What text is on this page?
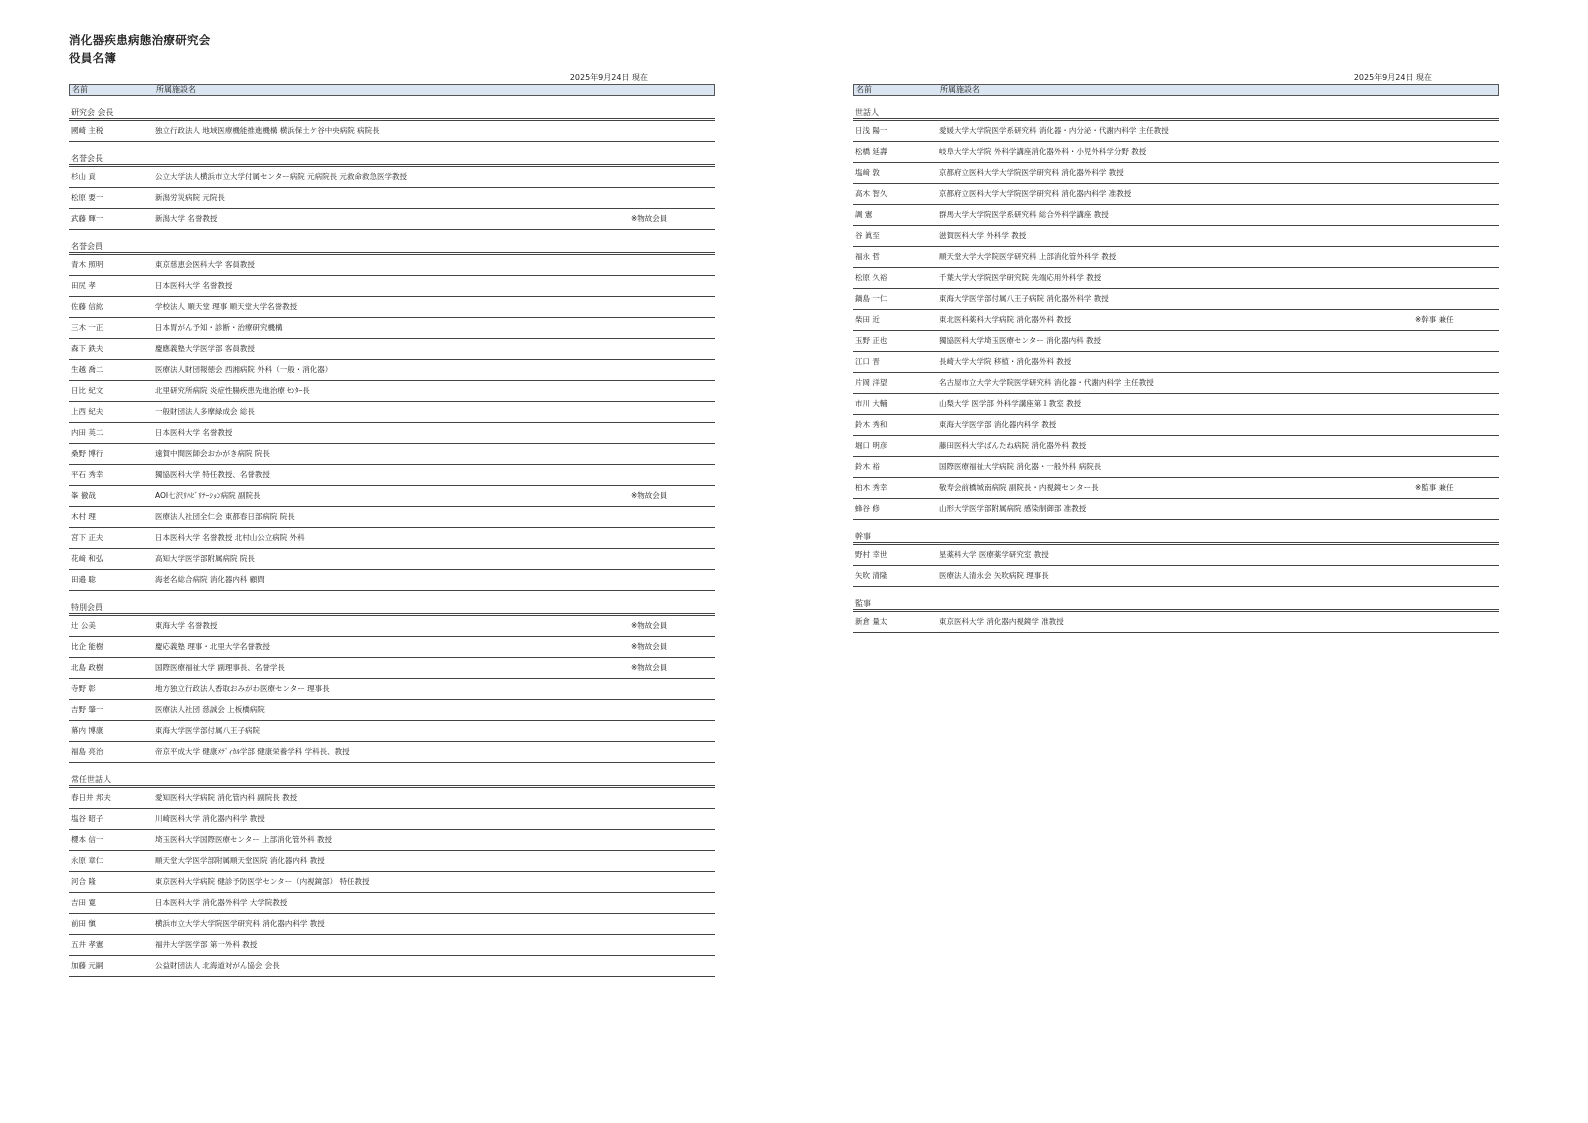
消化器疾患病態治療研究会
役員名簿
2025年9月24日 現在
名前	所属施設名
研究会 会長
國崎 主税	独立行政法人 地域医療機能推進機構 横浜保土ケ谷中央病院 病院長
名誉会長
杉山 貢	公立大学法人横浜市立大学付属センター病院 元病院長 元救命救急医学教授
松原 要一	新潟労災病院 元院長
武藤 輝一	新潟大学 名誉教授	※物故会員
名誉会員
青木 照明	東京慈恵会医科大学 客員教授
田尻 孝	日本医科大学 名誉教授
佐藤 信紘	学校法人 順天堂 理事 順天堂大学名誉教授
三木 一正	日本胃がん予知・診断・治療研究機構
森下 鉄夫	慶應義塾大学医学部 客員教授
生越 喬二	医療法人財団報徳会 西湘病院 外科（一般・消化器）
日比 紀文	北里研究所病院 炎症性腸疾患先進治療 ｾﾝﾀｰ長
上西 紀夫	一般財団法人多摩緑成会 総長
内田 英二	日本医科大学 名誉教授
桑野 博行	遠賀中間医師会おかがき病院 院長
平石 秀幸	獨協医科大学 特任教授、名誉教授
峯 徹哉	AOI七沢ﾘﾊﾋﾞﾘﾃｰｼｮﾝ病院 副院長	※物故会員
木村 理	医療法人社団全仁会 東都春日部病院 院長
宮下 正夫	日本医科大学 名誉教授 北村山公立病院 外科
花﨑 和弘	高知大学医学部附属病院 院長
田邉 聡	海老名総合病院 消化器内科 顧問
特別会員
辻 公美	東海大学 名誉教授	※物故会員
比企 能樹	慶応義塾 理事・北里大学名誉教授	※物故会員
北島 政樹	国際医療福祉大学 副理事長、名誉学長	※物故会員
寺野 彰	地方独立行政法人香取おみがわ医療センター 理事長
吉野 肇一	医療法人社団 慈誠会 上板橋病院
幕内 博康	東海大学医学部付属八王子病院
福島 亮治	帝京平成大学 健康ﾒﾃﾞｨｶﾙ学部 健康栄養学科 学科長、教授
常任世話人
春日井 邦夫	愛知医科大学病院 消化管内科 副院長 教授
塩谷 昭子	川崎医科大学 消化器内科学 教授
櫻本 信一	埼玉医科大学国際医療センター 上部消化管外科 教授
永原 章仁	順天堂大学医学部附属順天堂医院 消化器内科 教授
河合 隆	東京医科大学病院 健診予防医学センター（内視鏡部） 特任教授
吉田 寛	日本医科大学 消化器外科学 大学院教授
前田 愼	横浜市立大学大学院医学研究科 消化器内科学 教授
五井 孝憲	福井大学医学部 第一外科 教授
加藤 元嗣	公益財団法人 北海道対がん協会 会長
2025年9月24日 現在
名前	所属施設名
世話人
日浅 陽一	愛媛大学大学院医学系研究科 消化器・内分泌・代謝内科学 主任教授
松橋 延壽	岐阜大学大学院 外科学講座消化器外科・小児外科学分野 教授
塩﨑 敦	京都府立医科大学大学院医学研究科 消化器外科学 教授
高木 智久	京都府立医科大学大学院医学研究科 消化器内科学 准教授
調 憲	群馬大学大学院医学系研究科 総合外科学講座 教授
谷 眞至	滋賀医科大学 外科学 教授
福永 哲	順天堂大学大学院医学研究科 上部消化管外科学 教授
松原 久裕	千葉大学大学院医学研究院 先端応用外科学 教授
鍋島 一仁	東海大学医学部付属八王子病院 消化器外科学 教授
柴田 近	東北医科薬科大学病院 消化器外科 教授	※幹事 兼任
玉野 正也	獨協医科大学埼玉医療センター 消化器内科 教授
江口 晋	長崎大学大学院 移植・消化器外科 教授
片岡 洋望	名古屋市立大学大学院医学研究科 消化器・代謝内科学 主任教授
市川 大輔	山梨大学 医学部 外科学講座第１教室 教授
鈴木 秀和	東海大学医学部 消化器内科学 教授
堀口 明彦	藤田医科大学ばんたね病院 消化器外科 教授
鈴木 裕	国際医療福祉大学病院 消化器・一般外科 病院長
柏木 秀幸	敬寿会前橋城南病院 副院長・内視鏡センター長	※監事 兼任
蜂谷 修	山形大学医学部附属病院 感染制御部 准教授
幹事
野村 幸世	星薬科大学 医療薬学研究室 教授
矢吹 清隆	医療法人清永会 矢吹病院 理事長
監事
新倉 量太	東京医科大学 消化器内視鏡学 准教授
